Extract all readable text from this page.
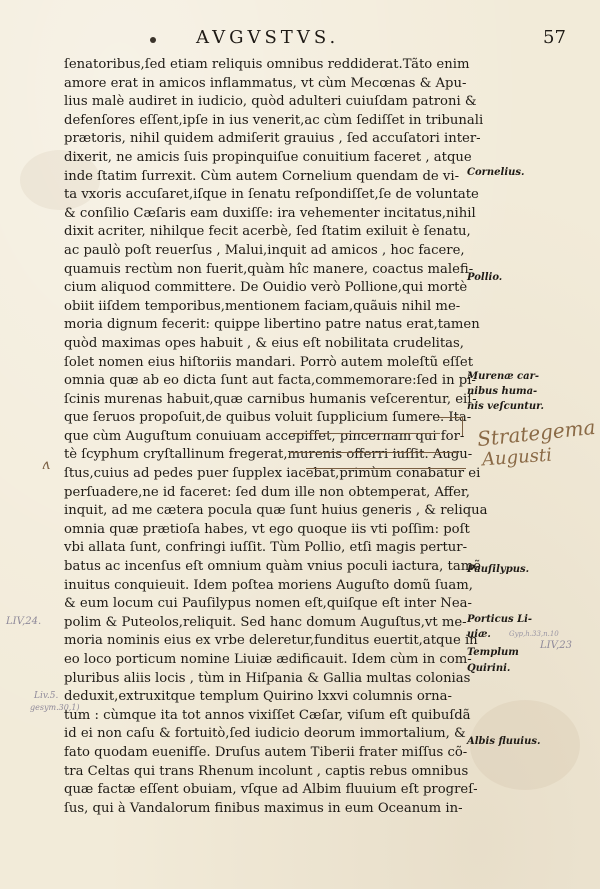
AVGVSTVS.	57
ſenatoribus,ſed etiam reliquis omnibus reddiderat.Tãto enim
amore erat in amicos inflammatus, vt cùm Mecœnas & Apu-
lius malè audiret in iudicio, quòd adulteri cuiuſdam patroni &
defenſores eſſent,ipſe in ius venerit,ac cùm ſediſſet in tribunali
prætoris, nihil quidem admiſerit grauius , ſed accuſatori inter-
dixerit, ne amicis ſuis propinquiſue conuitium faceret , atque
inde ſtatim ſurrexit. Cùm autem Cornelium quendam de vi-
ta vxoris accuſaret,iſque in ſenatu reſpondiſſet,ſe de voluntate
& conſilio Cæſaris eam duxiſſe: ira vehementer incitatus,nihil
dixit acriter, nihilque fecit acerbè, ſed ſtatim exiluit è ſenatu,
ac paulò poſt reuerſus , Malui,inquit ad amicos , hoc facere,
quamuis rectùm non fuerit,quàm hîc manere, coactus malefi-
cium aliquod committere. De Ouidio verò Pollione,qui mortè
obiit iiſdem temporibus,mentionem faciam,quãuis nihil me-
moria dignum fecerit: quippe libertino patre natus erat,tamen
quòd maximas opes habuit , & eius eſt nobilitata crudelitas,
ſolet nomen eius hiſtoriis mandari. Porrò autem moleſtũ eſſet
omnia quæ ab eo dicta ſunt aut facta,commemorare:ſed in pi-
ſcinis murenas habuit,quæ carnibus humanis veſcerentur, eiſ-
que ſeruos propoſuit,de quibus voluit ſupplicium ſumere. Ita-
que cùm Auguſtum conuiuam accepiſſet, pincernam qui for-
tè ſcyphum cryſtallinum fregerat,murenis offerri iuſſit. Augu-
ſtus,cuius ad pedes puer ſupplex iacebat,primùm conabatur ei
perſuadere,ne id faceret: ſed dum ille non obtemperat, Affer,
inquit, ad me cætera pocula quæ ſunt huius generis , & reliqua
omnia quæ prætioſa habes, vt ego quoque iis vti poſſim: poſt
vbi allata ſunt, confringi iuſſit. Tùm Pollio, etſi magis pertur-
batus ac incenſus eſt omnium quàm vnius poculi iactura, tamẽ
inuitus conquieuit. Idem poſtea moriens Auguſto domũ ſuam,
& eum locum cui Pauſilypus nomen eſt,quiſque eſt inter Nea-
polim & Puteolos,reliquit. Sed hanc domum Auguſtus,vt me-
moria nominis eius ex vrbe deleretur,funditus euertit,atque in
eo loco porticum nomine Liuiæ ædificauit. Idem cùm in com-
pluribus aliis locis , tùm in Hiſpania & Gallia multas colonias
deduxit,extruxitque templum Quirino lxxvi columnis orna-
tum : cùmque ita tot annos vixiſſet Cæſar, viſum eſt quibuſdã
id ei non caſu & fortuitò,ſed iudicio deorum immortalium, &
fato quodam euenifſe. Druſus autem Tiberii frater miſſus cõ-
tra Celtas qui trans Rhenum incolunt , captis rebus omnibus
quæ factæ eſſent obuiam, vſque ad Albim fluuium eſt progreſ-
ſus, qui à Vandalorum finibus maximus in eum Oceanum in-
Cornelius.
Pollio.
Murenæ car-
nibus huma-
nis veſcuntur.
Pauſilypus.
Porticus Li-
uiæ.
Templum
Quirini.
Albis fluuius.
Strategema
Augusti
LIV,24.
Liv.5.
gesym.30,1)
LIV,23
Gyp,h.33,n.10
ʌ
